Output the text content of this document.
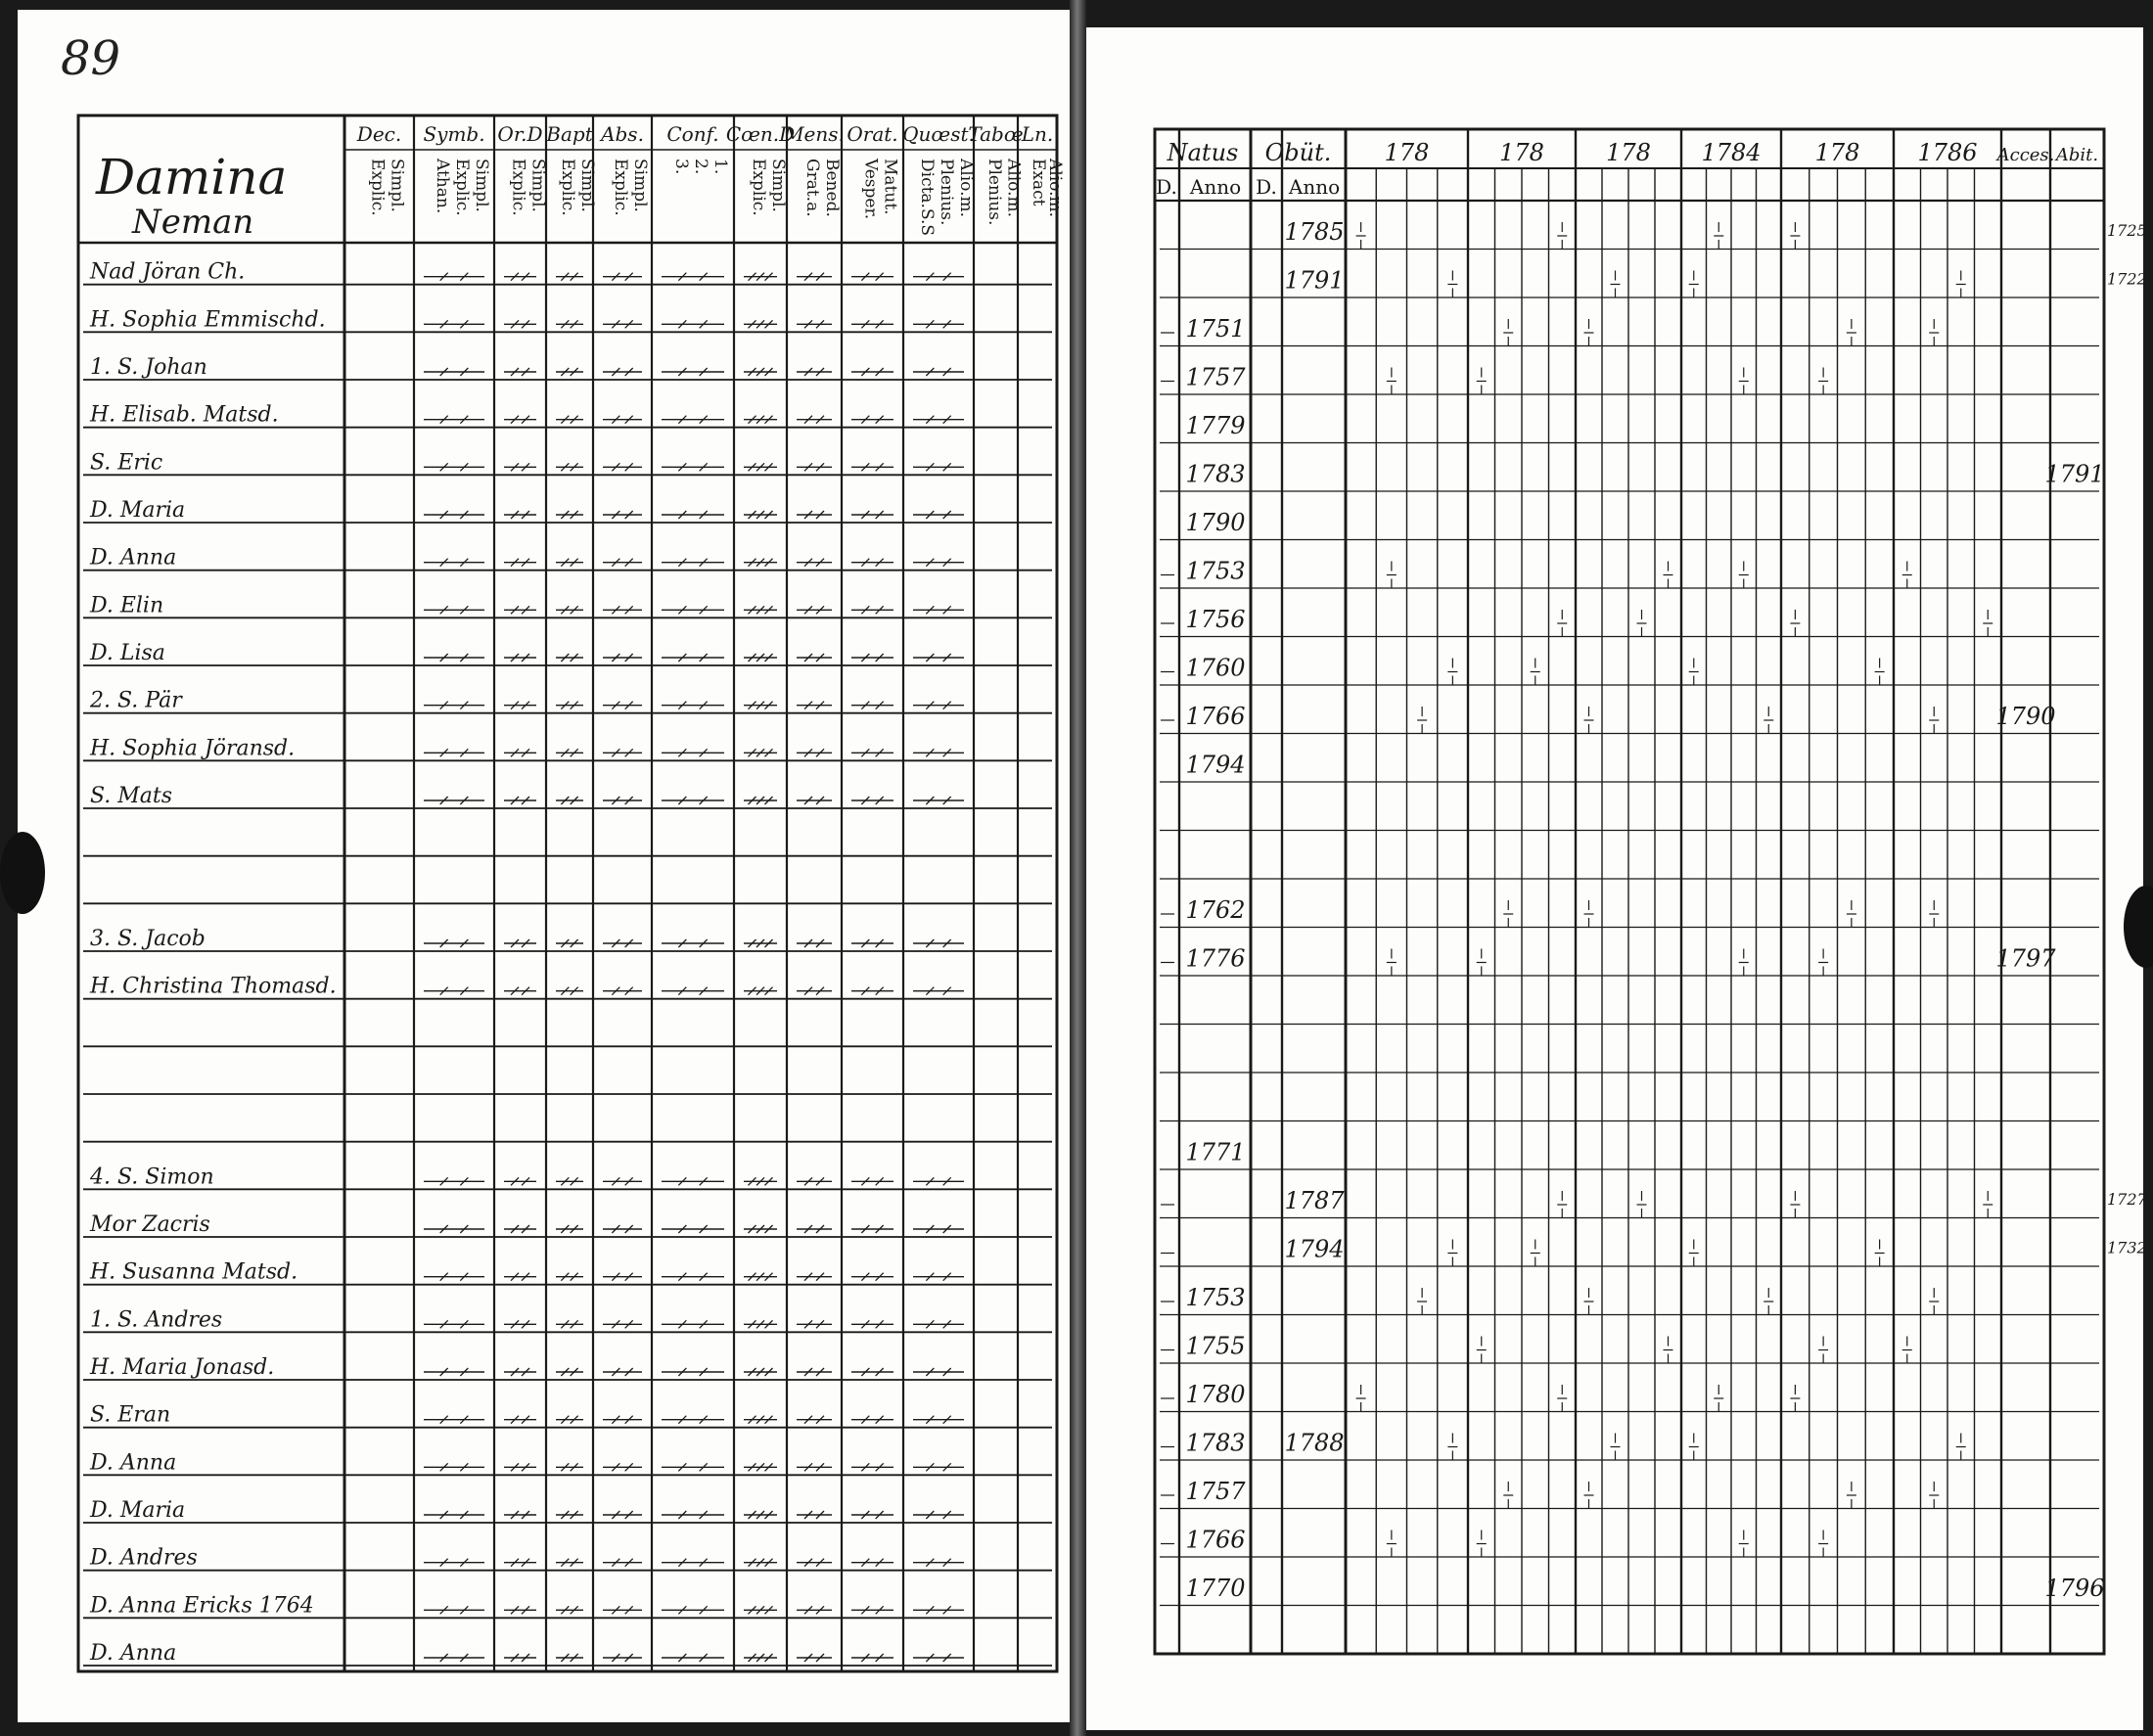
89
Damina
Neman
Dec.
Explic. Simpl.
Symb.
Athan. Explic. Simpl.
Or.D
Explic. Simpl.
Bapt
Explic. Simpl.
Abs.
Explic. Simpl.
Conf.
3. 2. 1.
Cœn.D
Explic. Simpl.
Mens.
Grat.a. Bened.
Orat.
Vesper. Matut.
Quœst.
Dicta.S.S Plenius. Alio.m.
Tabœ
Plenius. Alio.m.
Ln.
Exact
Alio.m.
Nad Jöran Ch.
H. Sophia Emmischd.
1. S. Johan
H. Elisab. Matsd.
S. Eric
D. Maria
D. Anna
D. Elin
D. Lisa
2. S. Pär
H. Sophia Jöransd.
S. Mats
3. S. Jacob
H. Christina Thomasd.
4. S. Simon
Mor Zacris
H. Susanna Matsd.
1. S. Andres
H. Maria Jonasd.
S. Eran
D. Anna
D. Maria
D. Andres
D. Anna Ericks 1764
D. Anna
Natus Obüt. 178	178	178 1784 178 1786 Acces. Abit.
D. Anno D. Anno
1785
1791
1787
1794
1788
1751
1757
1779
1783
1790
1753
1756
1760
1766
1794
1762
1776
1771
1753
1755
1780
1783
1757
1766
1770
1791
1790
1797
1796
1725
1722
1727
1732
